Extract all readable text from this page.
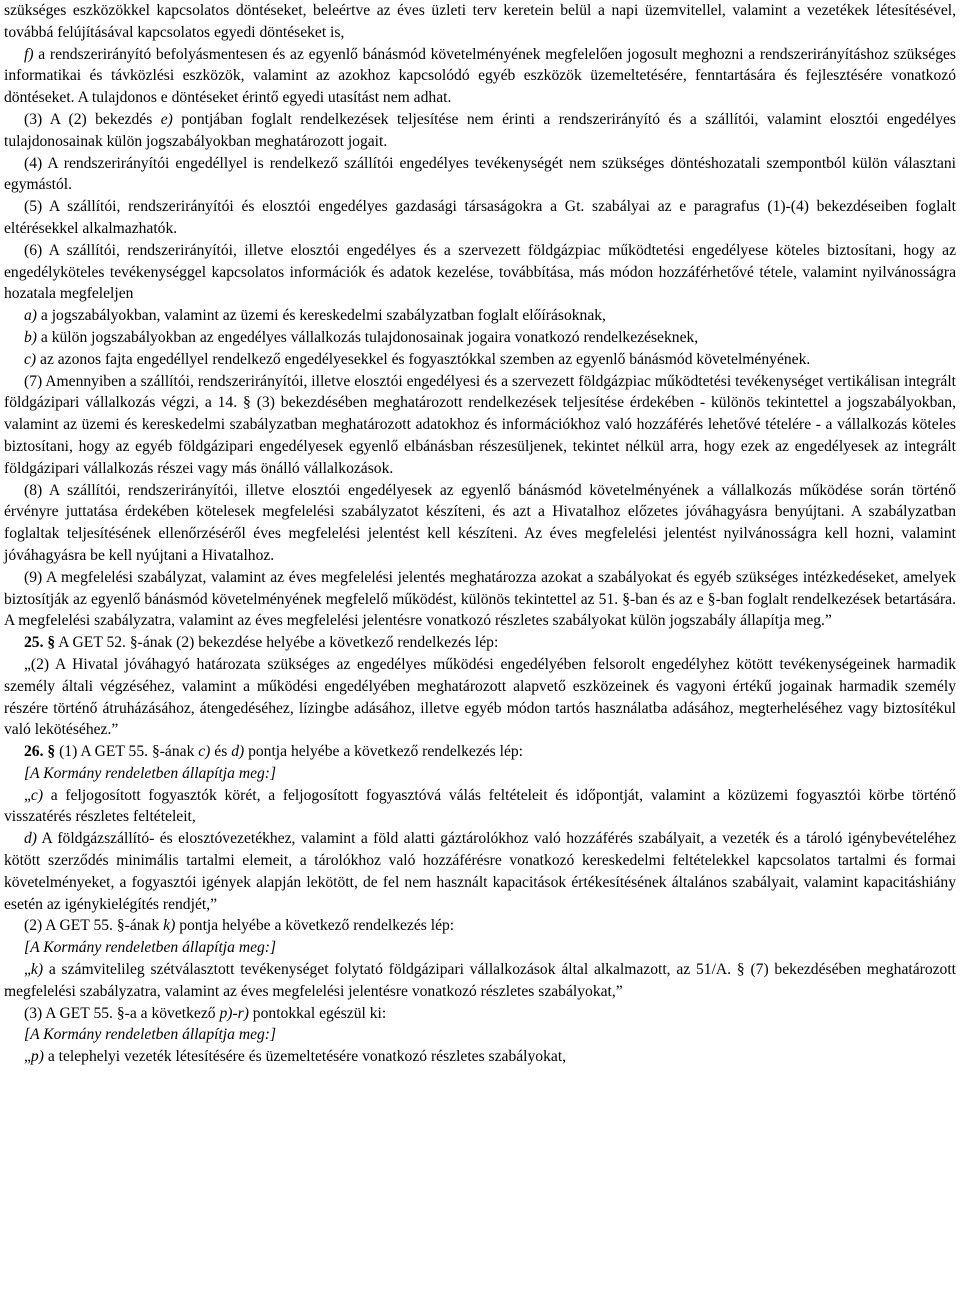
szükséges eszközökkel kapcsolatos döntéseket, beleértve az éves üzleti terv keretein belül a napi üzemvitellel, valamint a vezetékek létesítésével, továbbá felújításával kapcsolatos egyedi döntéseket is,

f) a rendszerirányító befolyásmentesen és az egyenlő bánásmód követelményének megfelelően jogosult meghozni a rendszerirányításhoz szükséges informatikai és távközlési eszközök, valamint az azokhoz kapcsolódó egyéb eszközök üzemeltetésére, fenntartására és fejlesztésére vonatkozó döntéseket. A tulajdonos e döntéseket érintő egyedi utasítást nem adhat.

(3) A (2) bekezdés e) pontjában foglalt rendelkezések teljesítése nem érinti a rendszerirányító és a szállítói, valamint elosztói engedélyes tulajdonosainak külön jogszabályokban meghatározott jogait.

(4) A rendszerirányítói engedéllyel is rendelkező szállítói engedélyes tevékenységét nem szükséges döntéshozatali szempontból külön választani egymástól.

(5) A szállítói, rendszerirányítói és elosztói engedélyes gazdasági társaságokra a Gt. szabályai az e paragrafus (1)-(4) bekezdéseiben foglalt eltérésekkel alkalmazhatók.

(6) A szállítói, rendszerirányítói, illetve elosztói engedélyes és a szervezett földgázpiac működtetési engedélyese köteles biztosítani, hogy az engedélyköteles tevékenységgel kapcsolatos információk és adatok kezelése, továbbítása, más módon hozzáférhetővé tétele, valamint nyilvánosságra hozatala megfeleljen

a) a jogszabályokban, valamint az üzemi és kereskedelmi szabályzatban foglalt előírásoknak,

b) a külön jogszabályokban az engedélyes vállalkozás tulajdonosainak jogaira vonatkozó rendelkezéseknek,

c) az azonos fajta engedéllyel rendelkező engedélyesekkel és fogyasztókkal szemben az egyenlő bánásmód követelményének.

(7) Amennyiben a szállítói, rendszerirányítói, illetve elosztói engedélyesi és a szervezett földgázpiac működtetési tevékenységet vertikálisan integrált földgázipari vállalkozás végzi, a 14. § (3) bekezdésében meghatározott rendelkezések teljesítése érdekében - különös tekintettel a jogszabályokban, valamint az üzemi és kereskedelmi szabályzatban meghatározott adatokhoz és információkhoz való hozzáférés lehetővé tételére - a vállalkozás köteles biztosítani, hogy az egyéb földgázipari engedélyesek egyenlő elbánásban részesüljenek, tekintet nélkül arra, hogy ezek az engedélyesek az integrált földgázipari vállalkozás részei vagy más önálló vállalkozások.

(8) A szállítói, rendszerirányítói, illetve elosztói engedélyesek az egyenlő bánásmód követelményének a vállalkozás működése során történő érvényre juttatása érdekében kötelesek megfelelési szabályzatot készíteni, és azt a Hivatalhoz előzetes jóváhagyásra benyújtani. A szabályzatban foglaltak teljesítésének ellenőrzéséről éves megfelelési jelentést kell készíteni. Az éves megfelelési jelentést nyilvánosságra kell hozni, valamint jóváhagyásra be kell nyújtani a Hivatalhoz.

(9) A megfelelési szabályzat, valamint az éves megfelelési jelentés meghatározza azokat a szabályokat és egyéb szükséges intézkedéseket, amelyek biztosítják az egyenlő bánásmód követelményének megfelelő működést, különös tekintettel az 51. §-ban és az e §-ban foglalt rendelkezések betartására. A megfelelési szabályzatra, valamint az éves megfelelési jelentésre vonatkozó részletes szabályokat külön jogszabály állapítja meg.”

25. § A GET 52. §-ának (2) bekezdése helyébe a következő rendelkezés lép:

„(2) A Hivatal jóváhagyó határozata szükséges az engedélyes működési engedélyében felsorolt engedélyhez kötött tevékenységeinek harmadik személy általi végzéséhez, valamint a működési engedélyében meghatározott alapvető eszközeinek és vagyoni értékű jogainak harmadik személy részére történő átruházásához, átengedéséhez, lízingbe adásához, illetve egyéb módon tartós használatba adásához, megterheléséhez vagy biztosítékul való lekötéséhez.”

26. § (1) A GET 55. §-ának c) és d) pontja helyébe a következő rendelkezés lép:

[A Kormány rendeletben állapítja meg:]

„c) a feljogosított fogyasztók körét, a feljogosított fogyasztóvá válás feltételeit és időpontját, valamint a közüzemi fogyasztói körbe történő visszatérés részletes feltételeit,

d) A földgázszállító- és elosztóvezetékhez, valamint a föld alatti gáztárolókhoz való hozzáférés szabályait, a vezeték és a tároló igénybevételéhez kötött szerződés minimális tartalmi elemeit, a tárolókhoz való hozzáférésre vonatkozó kereskedelmi feltételekkel kapcsolatos tartalmi és formai követelményeket, a fogyasztói igények alapján lekötött, de fel nem használt kapacitások értékesítésének általános szabályait, valamint kapacitáshiány esetén az igénykielégítés rendjét,”

(2) A GET 55. §-ának k) pontja helyébe a következő rendelkezés lép:

[A Kormány rendeletben állapítja meg:]

„k) a számvitelileg szétválasztott tevékenységet folytató földgázipari vállalkozások által alkalmazott, az 51/A. § (7) bekezdésében meghatározott megfelelési szabályzatra, valamint az éves megfelelési jelentésre vonatkozó részletes szabályokat,”

(3) A GET 55. §-a a következő p)-r) pontokkal egészül ki:

[A Kormány rendeletben állapítja meg:]

„p) a telephelyi vezeték létesítésére és üzemeltetésére vonatkozó részletes szabályokat,
